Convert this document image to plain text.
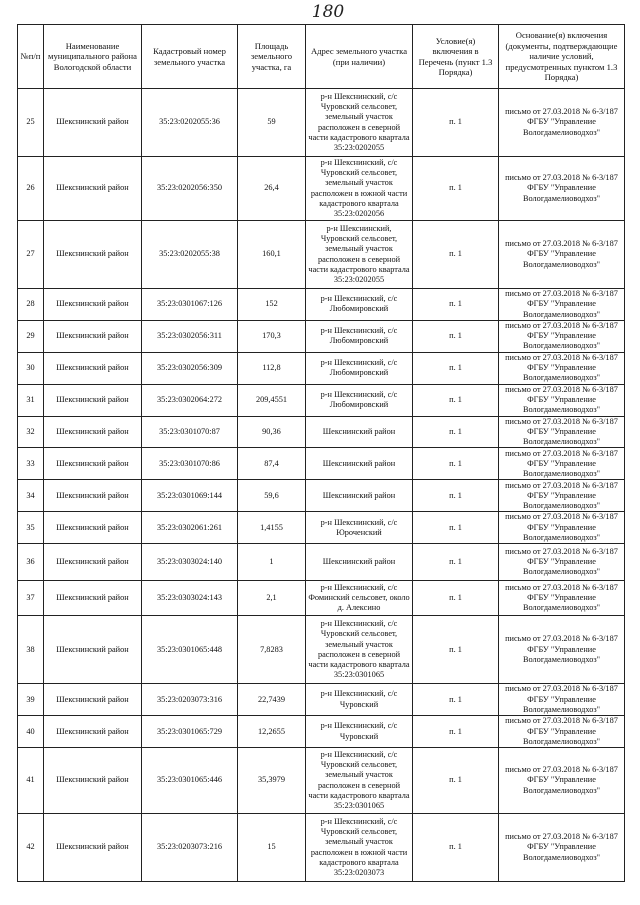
180
№п/п	Наименование муниципального района Вологодской области	Кадастровый номер земельного участка	Площадь земельного участка, га	Адрес земельного участка (при наличии)	Условие(я) включения в Перечень (пункт 1.3 Порядка)	Основание(я) включения (документы, подтверждающие наличие условий, предусмотренных пунктом 1.3 Порядка)
25	Шекснинский район	35:23:0202055:36	59	р-н Шекснинский, с/с Чуровский сельсовет, земельный участок расположен в северной части кадастрового квартала 35:23:0202055	п. 1	письмо от 27.03.2018 № 6-3/187 ФГБУ "Управление Вологдамелиоводхоз"
26	Шекснинский район	35:23:0202056:350	26,4	р-н Шекснинский, с/с Чуровский сельсовет, земельный участок расположен в южной части кадастрового квартала 35:23:0202056	п. 1	письмо от 27.03.2018 № 6-3/187 ФГБУ "Управление Вологдамелиоводхоз"
27	Шекснинский район	35:23:0202055:38	160,1	р-н Шекснинский, Чуровский сельсовет, земельный участок расположен в северной части кадастрового квартала 35:23:0202055	п. 1	письмо от 27.03.2018 № 6-3/187 ФГБУ "Управление Вологдамелиоводхоз"
28	Шекснинский район	35:23:0301067:126	152	р-н Шекснинский, с/с Любомировский	п. 1	письмо от 27.03.2018 № 6-3/187 ФГБУ "Управление Вологдамелиоводхоз"
29	Шекснинский район	35:23:0302056:311	170,3	р-н Шекснинский, с/с Любомировский	п. 1	письмо от 27.03.2018 № 6-3/187 ФГБУ "Управление Вологдамелиоводхоз"
30	Шекснинский район	35:23:0302056:309	112,8	р-н Шекснинский, с/с Любомировский	п. 1	письмо от 27.03.2018 № 6-3/187 ФГБУ "Управление Вологдамелиоводхоз"
31	Шекснинский район	35:23:0302064:272	209,4551	р-н Шекснинский, с/с Любомировский	п. 1	письмо от 27.03.2018 № 6-3/187 ФГБУ "Управление Вологдамелиоводхоз"
32	Шекснинский район	35:23:0301070:87	90,36	Шекснинский район	п. 1	письмо от 27.03.2018 № 6-3/187 ФГБУ "Управление Вологдамелиоводхоз"
33	Шекснинский район	35:23:0301070:86	87,4	Шекснинский район	п. 1	письмо от 27.03.2018 № 6-3/187 ФГБУ "Управление Вологдамелиоводхоз"
34	Шекснинский район	35:23:0301069:144	59,6	Шекснинский район	п. 1	письмо от 27.03.2018 № 6-3/187 ФГБУ "Управление Вологдамелиоводхоз"
35	Шекснинский район	35:23:0302061:261	1,4155	р-н Шекснинский, с/с Юроченский	п. 1	письмо от 27.03.2018 № 6-3/187 ФГБУ "Управление Вологдамелиоводхоз"
36	Шекснинский район	35:23:0303024:140	1	Шекснинский район	п. 1	письмо от 27.03.2018 № 6-3/187 ФГБУ "Управление Вологдамелиоводхоз"
37	Шекснинский район	35:23:0303024:143	2,1	р-н Шекснинский, с/с Фоминский сельсовет, около д. Алексино	п. 1	письмо от 27.03.2018 № 6-3/187 ФГБУ "Управление Вологдамелиоводхоз"
38	Шекснинский район	35:23:0301065:448	7,8283	р-н Шекснинский, с/с Чуровский сельсовет, земельный участок расположен в северной части кадастрового квартала 35:23:0301065	п. 1	письмо от 27.03.2018 № 6-3/187 ФГБУ "Управление Вологдамелиоводхоз"
39	Шекснинский район	35:23:0203073:316	22,7439	р-н Шекснинский, с/с Чуровский	п. 1	письмо от 27.03.2018 № 6-3/187 ФГБУ "Управление Вологдамелиоводхоз"
40	Шекснинский район	35:23:0301065:729	12,2655	р-н Шекснинский, с/с Чуровский	п. 1	письмо от 27.03.2018 № 6-3/187 ФГБУ "Управление Вологдамелиоводхоз"
41	Шекснинский район	35:23:0301065:446	35,3979	р-н Шекснинский, с/с Чуровский сельсовет, земельный участок расположен в северной части кадастрового квартала 35:23:0301065	п. 1	письмо от 27.03.2018 № 6-3/187 ФГБУ "Управление Вологдамелиоводхоз"
42	Шекснинский район	35:23:0203073:216	15	р-н Шекснинский, с/с Чуровский сельсовет, земельный участок расположен в южной части кадастрового квартала 35:23:0203073	п. 1	письмо от 27.03.2018 № 6-3/187 ФГБУ "Управление Вологдамелиоводхоз"
